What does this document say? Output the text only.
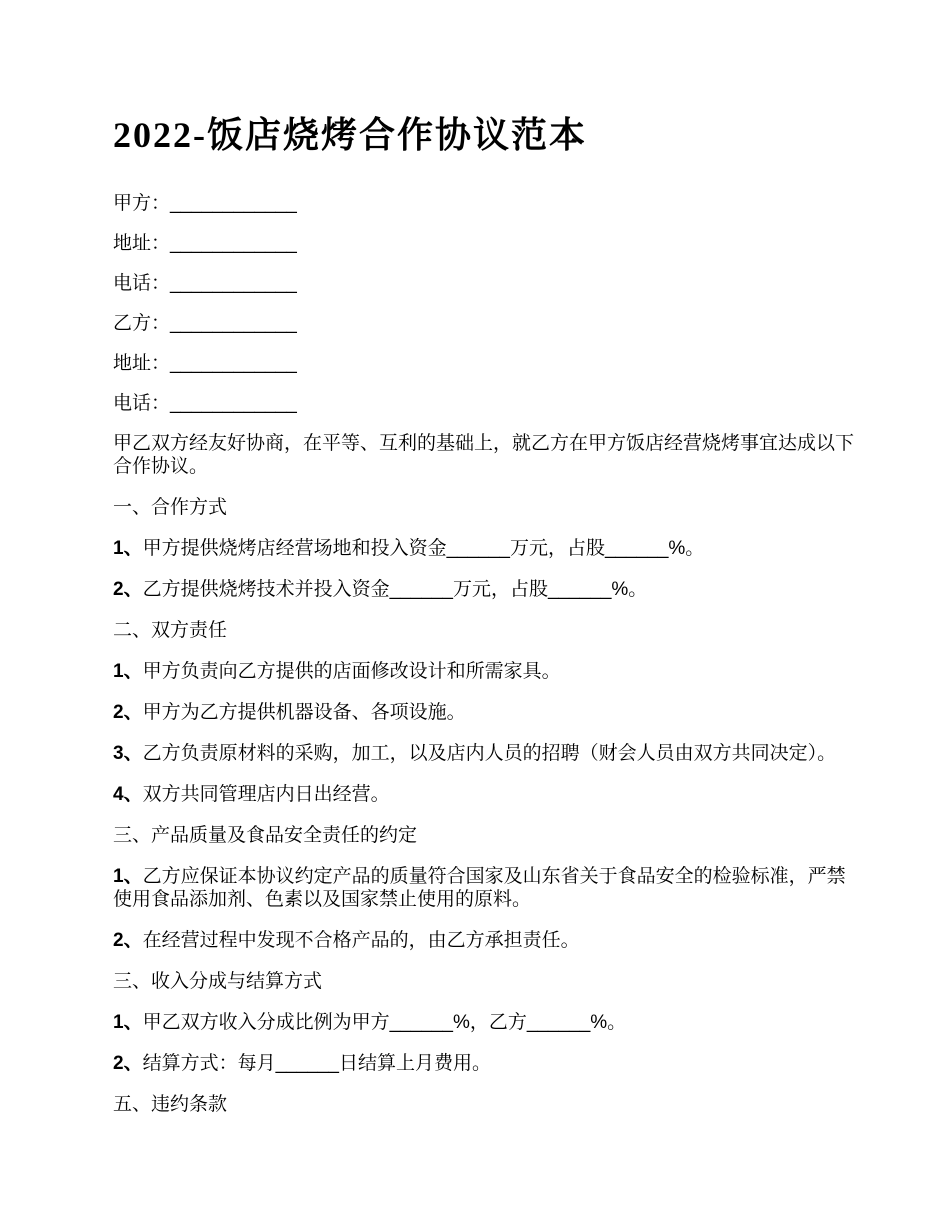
2022-饭店烧烤合作协议范本

甲方：____________

地址：____________

电话：____________

乙方：____________

地址：____________

电话：____________

甲乙双方经友好协商，在平等、互利的基础上，就乙方在甲方饭店经营烧烤事宜达成以下合作协议。

一、合作方式

1、甲方提供烧烤店经营场地和投入资金______万元，占股______%。

2、乙方提供烧烤技术并投入资金______万元，占股______%。

二、双方责任

1、甲方负责向乙方提供的店面修改设计和所需家具。

2、甲方为乙方提供机器设备、各项设施。

3、乙方负责原材料的采购，加工，以及店内人员的招聘（财会人员由双方共同决定）。

4、双方共同管理店内日出经营。

三、产品质量及食品安全责任的约定

1、乙方应保证本协议约定产品的质量符合国家及山东省关于食品安全的检验标准，严禁使用食品添加剂、色素以及国家禁止使用的原料。

2、在经营过程中发现不合格产品的，由乙方承担责任。

三、收入分成与结算方式

1、甲乙双方收入分成比例为甲方______%，乙方______%。

2、结算方式：每月______日结算上月费用。

五、违约条款
